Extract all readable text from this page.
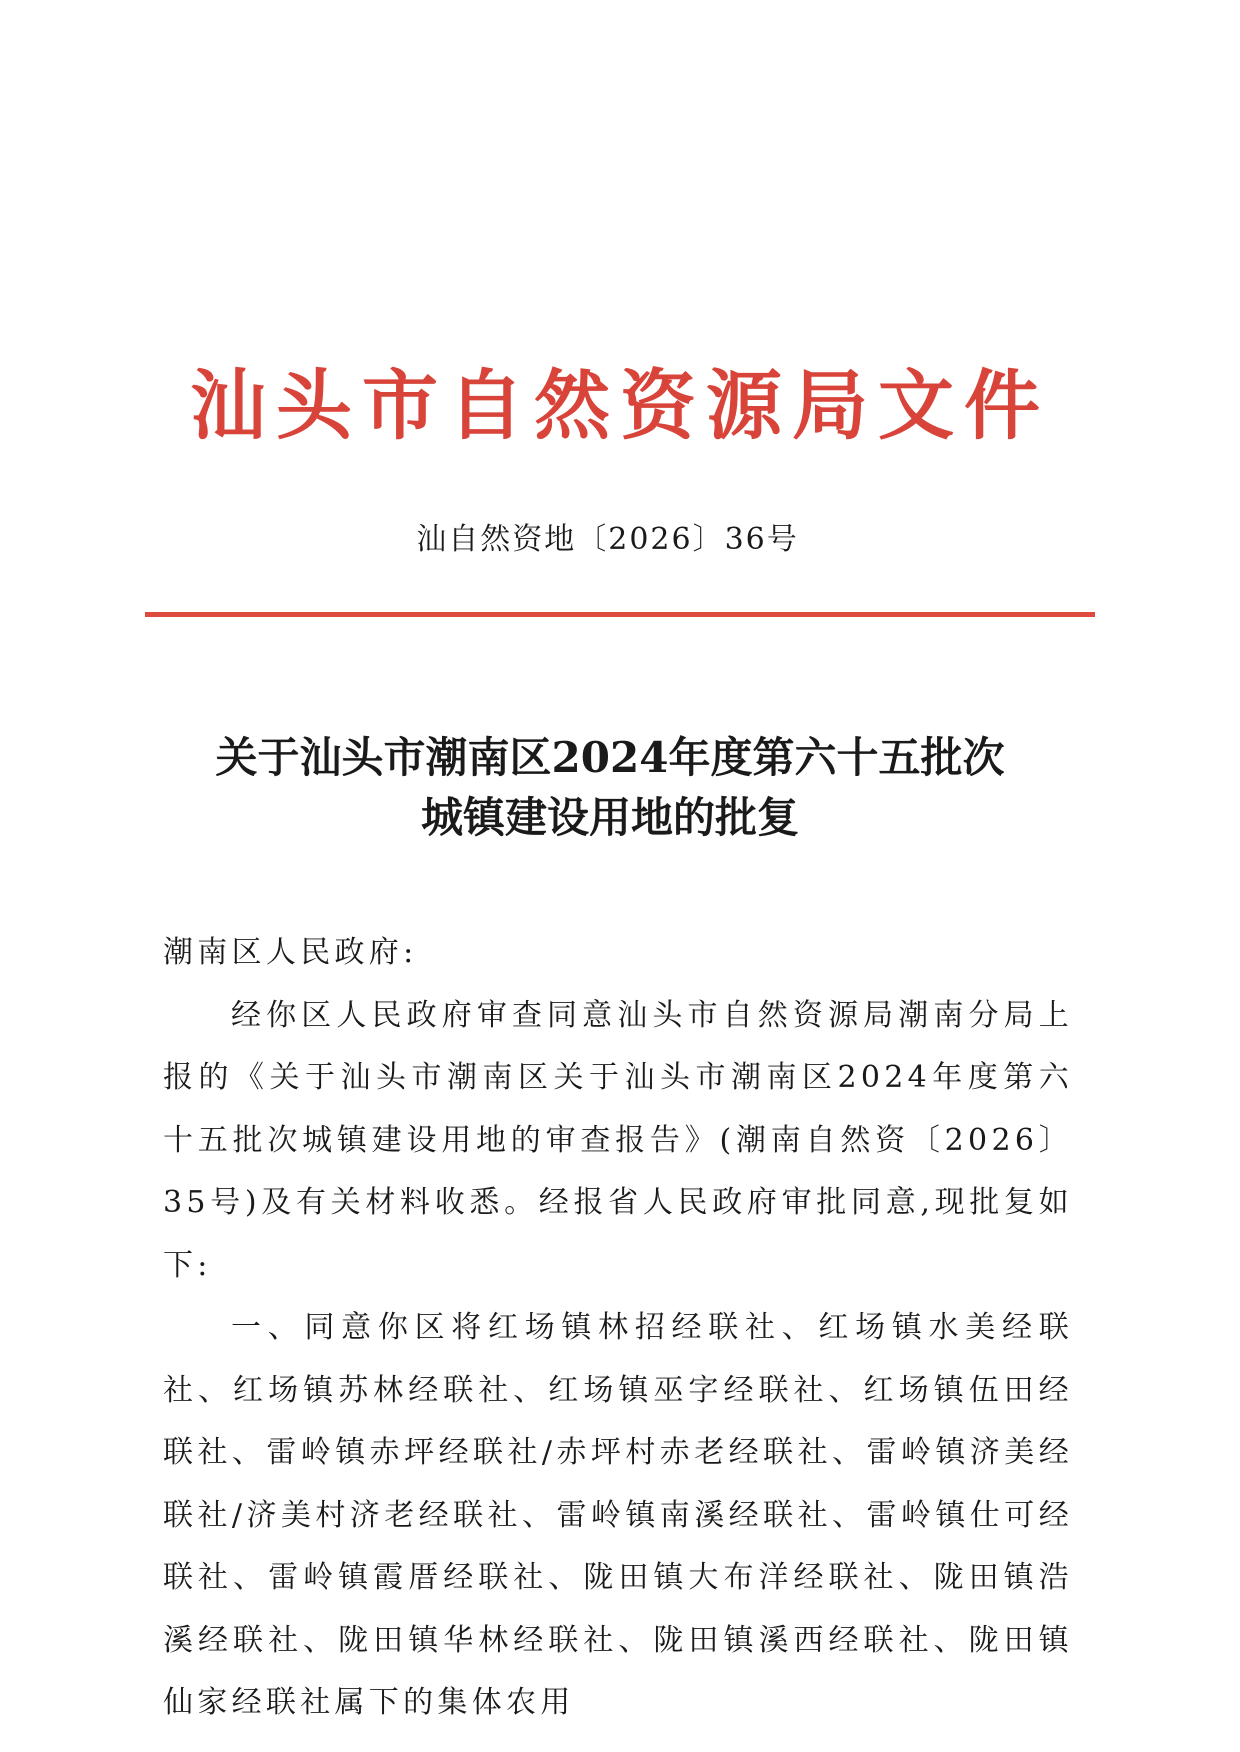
汕头市自然资源局文件
汕自然资地〔2026〕36号
关于汕头市潮南区2024年度第六十五批次
城镇建设用地的批复

潮南区人民政府:

经你区人民政府审查同意汕头市自然资源局潮南分局上报的《关于汕头市潮南区关于汕头市潮南区2024年度第六十五批次城镇建设用地的审查报告》(潮南自然资〔2026〕35号)及有关材料收悉。经报省人民政府审批同意,现批复如下:

一、同意你区将红场镇林招经联社、红场镇水美经联社、红场镇苏林经联社、红场镇巫字经联社、红场镇伍田经联社、雷岭镇赤坪经联社/赤坪村赤老经联社、雷岭镇济美经联社/济美村济老经联社、雷岭镇南溪经联社、雷岭镇仕可经联社、雷岭镇霞厝经联社、陇田镇大布洋经联社、陇田镇浩溪经联社、陇田镇华林经联社、陇田镇溪西经联社、陇田镇仙家经联社属下的集体农用
